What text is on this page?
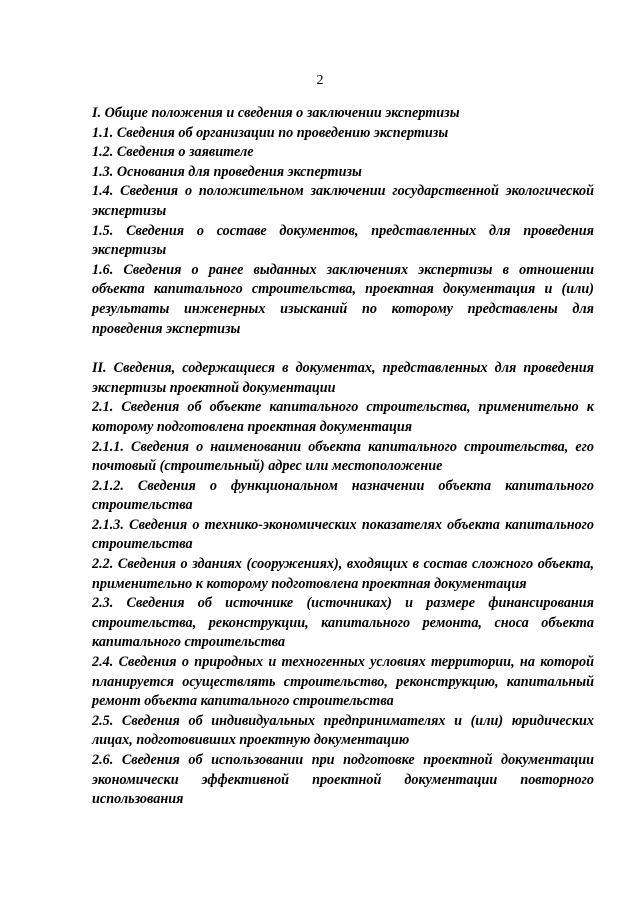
2

I. Общие положения и сведения о заключении экспертизы

1.1. Сведения об организации по проведению экспертизы

1.2. Сведения о заявителе

1.3. Основания для проведения экспертизы

1.4. Сведения о положительном заключении государственной экологической экспертизы

1.5. Сведения о составе документов, представленных для проведения экспертизы

1.6. Сведения о ранее выданных заключениях экспертизы в отношении объекта капитального строительства, проектная документация и (или) результаты инженерных изысканий по которому представлены для проведения экспертизы

II. Сведения, содержащиеся в документах, представленных для проведения экспертизы проектной документации

2.1. Сведения об объекте капитального строительства, применительно к которому подготовлена проектная документация

2.1.1. Сведения о наименовании объекта капитального строительства, его почтовый (строительный) адрес или местоположение

2.1.2. Сведения о функциональном назначении объекта капитального строительства

2.1.3. Сведения о технико-экономических показателях объекта капитального строительства

2.2. Сведения о зданиях (сооружениях), входящих в состав сложного объекта, применительно к которому подготовлена проектная документация

2.3. Сведения об источнике (источниках) и размере финансирования строительства, реконструкции, капитального ремонта, сноса объекта капитального строительства

2.4. Сведения о природных и техногенных условиях территории, на которой планируется осуществлять строительство, реконструкцию, капитальный ремонт объекта капитального строительства

2.5. Сведения об индивидуальных предпринимателях и (или) юридических лицах, подготовивших проектную документацию

2.6. Сведения об использовании при подготовке проектной документации экономически эффективной проектной документации повторного использования
